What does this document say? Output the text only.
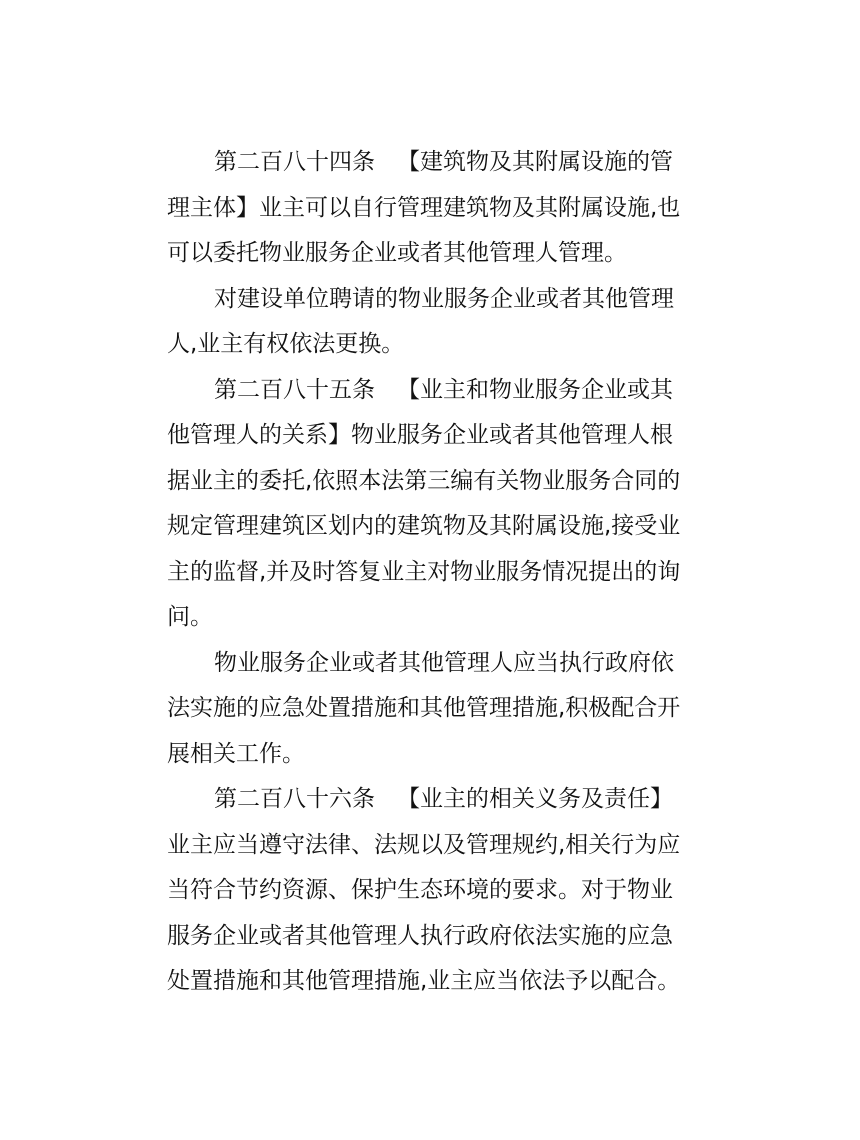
第二百八十四条 【建筑物及其附属设施的管
理主体】业主可以自行管理建筑物及其附属设施,也
可以委托物业服务企业或者其他管理人管理。

对建设单位聘请的物业服务企业或者其他管理
人,业主有权依法更换。

第二百八十五条 【业主和物业服务企业或其
他管理人的关系】物业服务企业或者其他管理人根
据业主的委托,依照本法第三编有关物业服务合同的
规定管理建筑区划内的建筑物及其附属设施,接受业
主的监督,并及时答复业主对物业服务情况提出的询
问。

物业服务企业或者其他管理人应当执行政府依
法实施的应急处置措施和其他管理措施,积极配合开
展相关工作。

第二百八十六条 【业主的相关义务及责任】
业主应当遵守法律、法规以及管理规约,相关行为应
当符合节约资源、保护生态环境的要求。对于物业
服务企业或者其他管理人执行政府依法实施的应急
处置措施和其他管理措施,业主应当依法予以配合。
